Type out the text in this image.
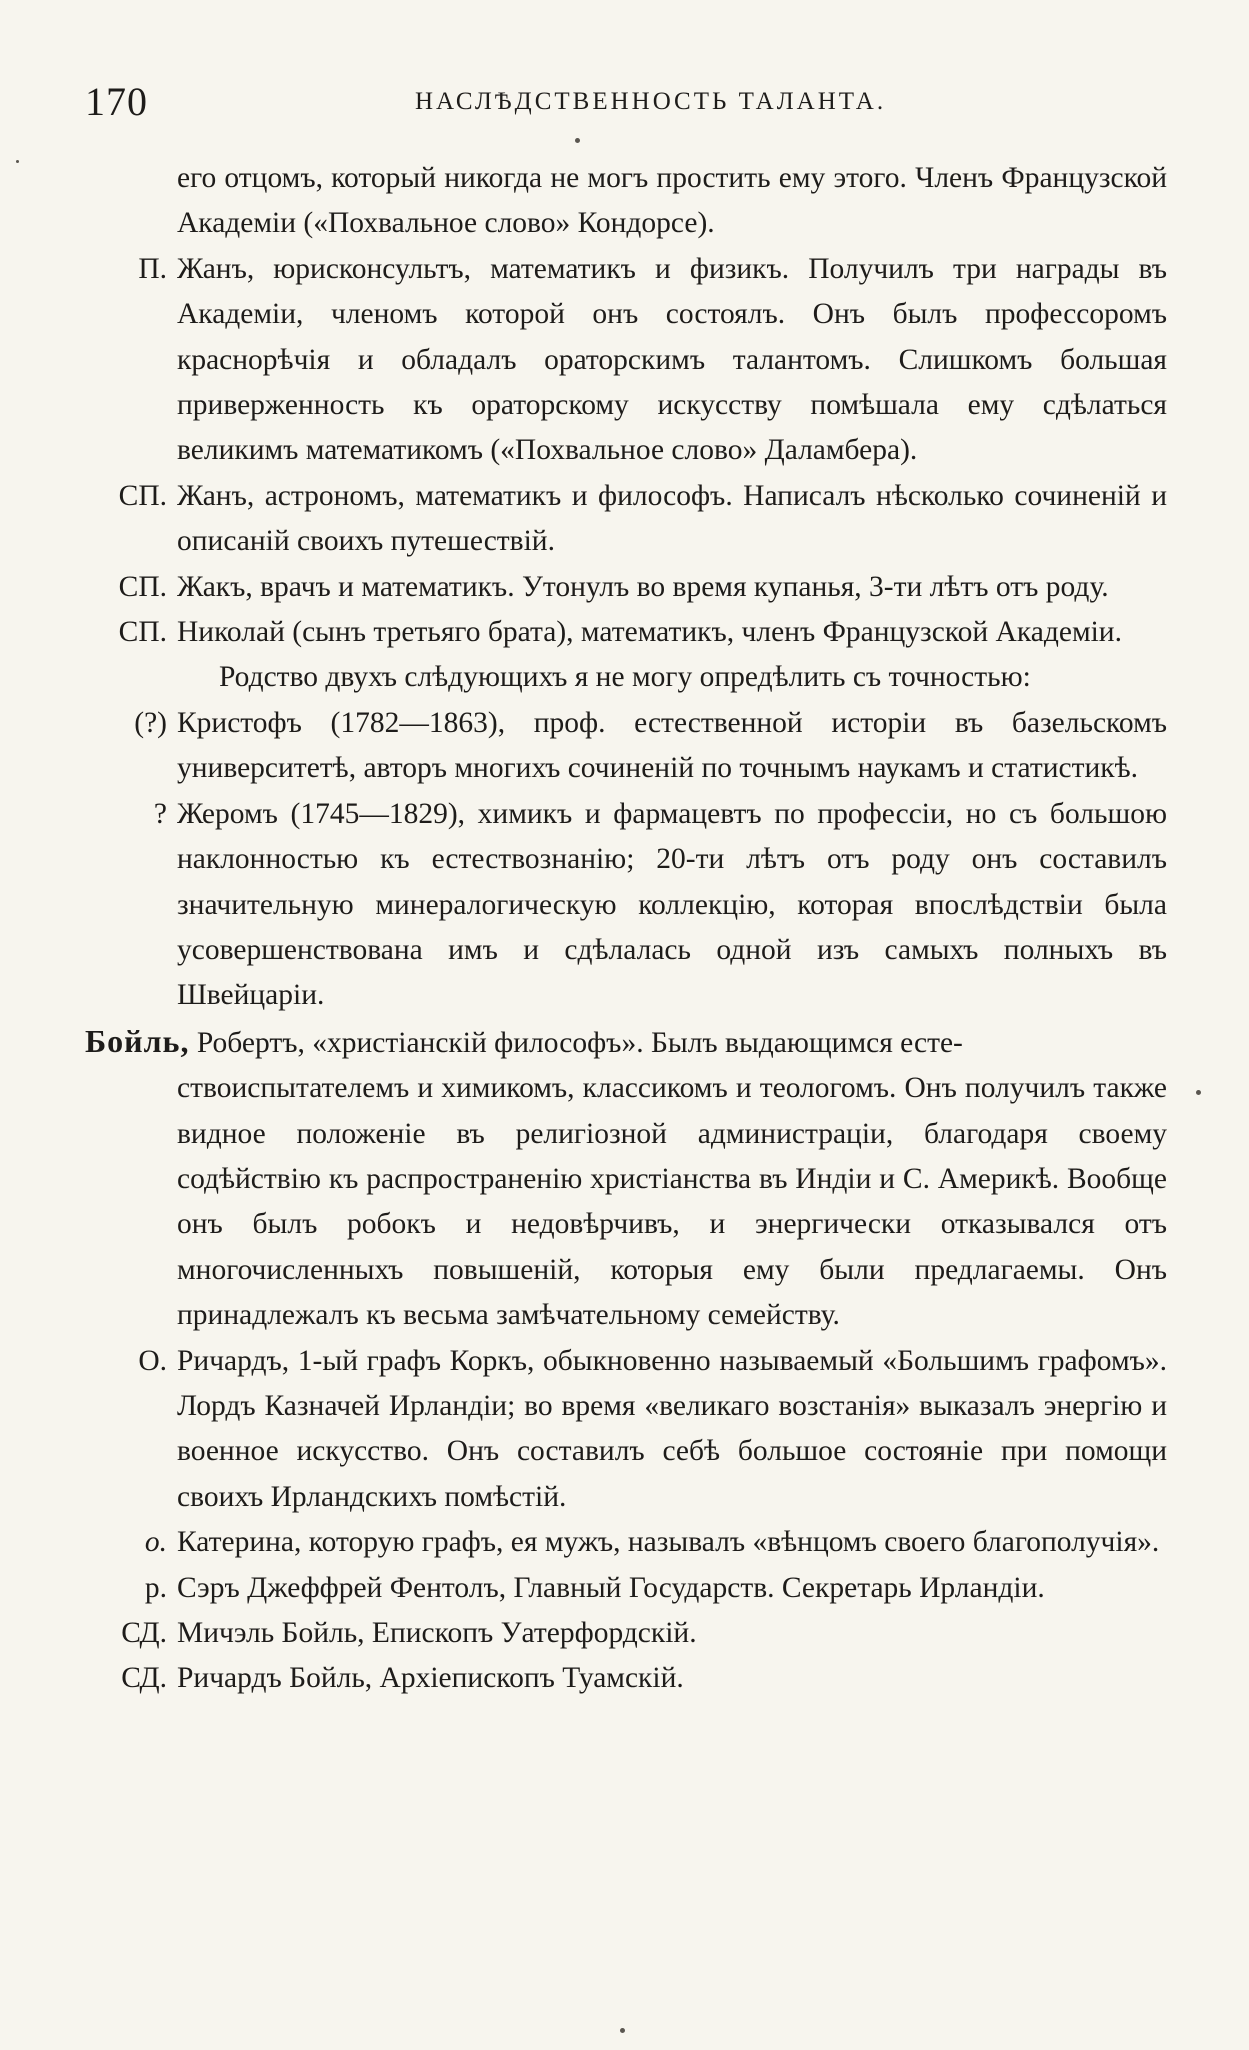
170	НАСЛѢДСТВЕННОСТЬ ТАЛАНТА.
его отцомъ, который никогда не могъ простить ему этого. Членъ Французской Академіи («Похвальное слово» Кондорсе).
П. Жанъ, юрисконсультъ, математикъ и физикъ. Получилъ три награды въ Академіи, членомъ которой онъ состоялъ. Онъ былъ профессоромъ краснорѣчія и обладалъ ораторскимъ талантомъ. Слишкомъ большая приверженность къ ораторскому искусству помѣшала ему сдѣлаться великимъ математикомъ («Похвальное слово» Даламбера).
СП. Жанъ, астрономъ, математикъ и философъ. Написалъ нѣсколько сочиненій и описаній своихъ путешествій.
СП. Жакъ, врачъ и математикъ. Утонулъ во время купанья, 3-ти лѣтъ отъ роду.
СП. Николай (сынъ третьяго брата), математикъ, членъ Французской Академіи.
Родство двухъ слѣдующихъ я не могу опредѣлить съ точностью:
(?) Кристофъ (1782—1863), проф. естественной исторіи въ базельскомъ университетѣ, авторъ многихъ сочиненій по точнымъ наукамъ и статистикѣ.
? Жеромъ (1745—1829), химикъ и фармацевтъ по профессіи, но съ большою наклонностью къ естествознанію; 20-ти лѣтъ отъ роду онъ составилъ значительную минералогическую коллекцію, которая впослѣдствіи была усовершенствована имъ и сдѣлалась одной изъ самыхъ полныхъ въ Швейцаріи.
Бойль, Робертъ, «христіанскій философъ». Былъ выдающимся есте-
ствоиспытателемъ и химикомъ, классикомъ и теологомъ. Онъ получилъ также видное положеніе въ религіозной администраціи, благодаря своему содѣйствію къ распространенію христіанства въ Индіи и С. Америкѣ. Вообще онъ былъ робокъ и недовѣрчивъ, и энергически отказывался отъ многочисленныхъ повышеній, которыя ему были предлагаемы. Онъ принадлежалъ къ весьма замѣчательному семейству.
О. Ричардъ, 1-ый графъ Коркъ, обыкновенно называемый «Большимъ графомъ». Лордъ Казначей Ирландіи; во время «великаго возстанія» выказалъ энергію и военное искусство. Онъ составилъ себѣ большое состояніе при помощи своихъ Ирландскихъ помѣстій.
о. Катерина, которую графъ, ея мужъ, называлъ «вѣнцомъ своего благополучія».
р. Сэръ Джеффрей Фентолъ, Главный Государств. Секретарь Ирландіи.
СД. Мичэль Бойль, Епископъ Уатерфордскій.
СД. Ричардъ Бойль, Архіепископъ Туамскій.
